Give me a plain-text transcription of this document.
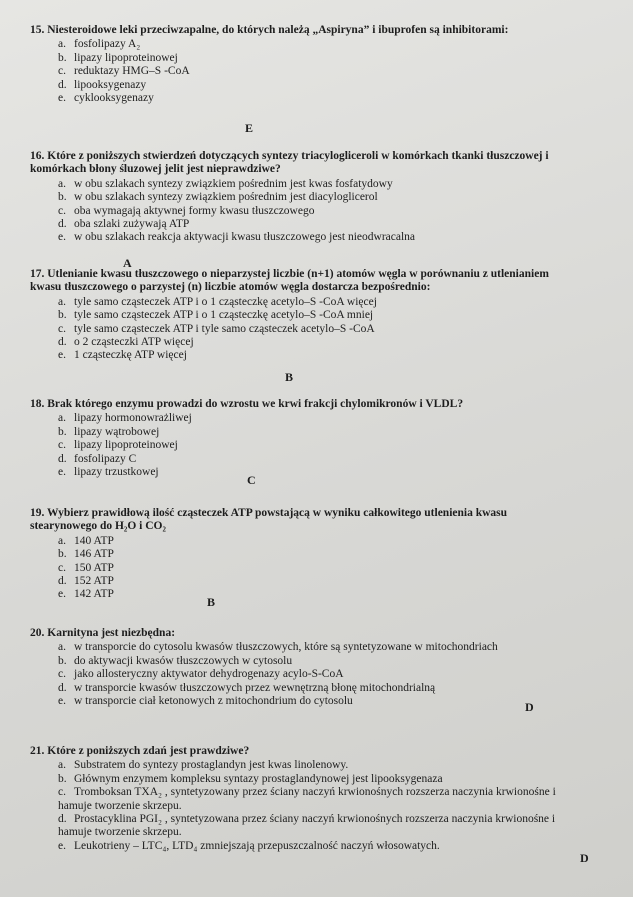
15. Niesteroidowe leki przeciwzapalne, do których należą „Aspiryna” i ibuprofen są inhibitorami:
a. fosfolipazy A₂
b. lipazy lipoproteinowej
c. reduktazy HMG–S -CoA
d. lipooksygenazy
e. cyklooksygenazy
E
16. Które z poniższych stwierdzeń dotyczących syntezy triacylogliceroli w komórkach tkanki tłuszczowej i komórkach błony śluzowej jelit jest nieprawdziwe?
a. w obu szlakach syntezy związkiem pośrednim jest kwas fosfatydowy
b. w obu szlakach syntezy związkiem pośrednim jest diacyloglicerol
c. oba wymagają aktywnej formy kwasu tłuszczowego
d. oba szlaki zużywają ATP
e. w obu szlakach reakcja aktywacji kwasu tłuszczowego jest nieodwracalna
A
17. Utlenianie kwasu tłuszczowego o nieparzystej liczbie (n+1) atomów węgla w porównaniu z utlenianiem kwasu tłuszczowego o parzystej (n) liczbie atomów węgla dostarcza bezpośrednio:
a. tyle samo cząsteczek ATP i o 1 cząsteczkę acetylo–S -CoA więcej
b. tyle samo cząsteczek ATP i o 1 cząsteczkę acetylo–S -CoA mniej
c. tyle samo cząsteczek ATP i tyle samo cząsteczek acetylo–S -CoA
d. o 2 cząsteczki ATP więcej
e. 1 cząsteczkę ATP więcej
B
18. Brak którego enzymu prowadzi do wzrostu we krwi frakcji chylomikronów i VLDL?
a. lipazy hormonowrażliwej
b. lipazy wątrobowej
c. lipazy lipoproteinowej
d. fosfolipazy C
e. lipazy trzustkowej
C
19. Wybierz prawidłową ilość cząsteczek ATP powstającą w wyniku całkowitego utlenienia kwasu stearynowego do H₂O i CO₂
a. 140 ATP
b. 146 ATP
c. 150 ATP
d. 152 ATP
e. 142 ATP
B
20. Karnityna jest niezbędna:
a. w transporcie do cytosolu kwasów tłuszczowych, które są syntetyzowane w mitochondriach
b. do aktywacji kwasów tłuszczowych w cytosolu
c. jako allosteryczny aktywator dehydrogenazy acylo-S-CoA
d. w transporcie kwasów tłuszczowych przez wewnętrzną błonę mitochondrialną
e. w transporcie ciał ketonowych z mitochondrium do cytosolu	D
21. Które z poniższych zdań jest prawdziwe?
a. Substratem do syntezy prostaglandyn jest kwas linolenowy.
b. Głównym enzymem kompleksu syntazy prostaglandynowej jest lipooksygenaza
c. Tromboksan TXA₂ , syntetyzowany przez ściany naczyń krwionośnych rozszerza naczynia krwionośne i hamuje tworzenie skrzepu.
d. Prostacyklina PGI₂ , syntetyzowana przez ściany naczyń krwionośnych rozszerza naczynia krwionośne i hamuje tworzenie skrzepu.
e. Leukotrieny – LTC₄, LTD₄ zmniejszają przepuszczalność naczyń włosowatych.
D
